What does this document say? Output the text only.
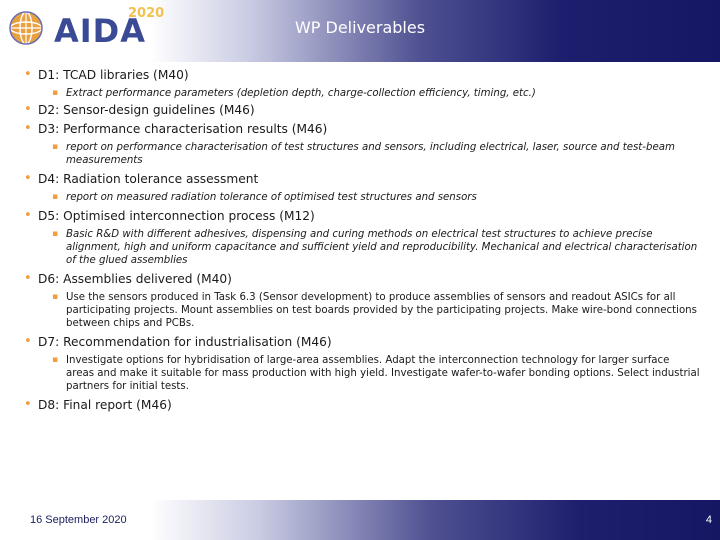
AIDA
2020
WP Deliverables
• D1: TCAD libraries (M40)
▪ Extract performance parameters (depletion depth, charge-collection efficiency, timing, etc.)
• D2: Sensor-design guidelines (M46)
• D3: Performance characterisation results (M46)
▪ report on performance characterisation of test structures and sensors, including electrical, laser, source and test-beam measurements
• D4: Radiation tolerance assessment
▪ report on measured radiation tolerance of optimised test structures and sensors
• D5: Optimised interconnection process (M12)
▪ Basic R&D with different adhesives, dispensing and curing methods on electrical test structures to achieve precise alignment, high and uniform capacitance and sufficient yield and reproducibility. Mechanical and electrical characterisation of the glued assemblies
• D6: Assemblies delivered (M40)
▪ Use the sensors produced in Task 6.3 (Sensor development) to produce assemblies of sensors and readout ASICs for all participating projects. Mount assemblies on test boards provided by the participating projects. Make wire-bond connections between chips and PCBs.
• D7: Recommendation for industrialisation (M46)
▪ Investigate options for hybridisation of large-area assemblies. Adapt the interconnection technology for larger surface areas and make it suitable for mass production with high yield. Investigate wafer-to-wafer bonding options. Select industrial partners for initial tests.
• D8: Final report (M46)
16 September 2020	4
